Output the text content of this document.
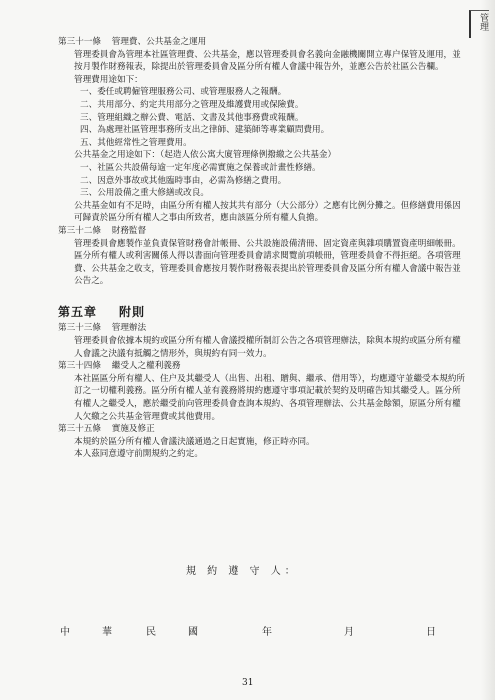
管理

第三十一條 管理費、公共基金之運用

管理委員會為管理本社區管理費、公共基金，應以管理委員會名義向金融機關開立專户保管及運用，並按月製作財務報表，除提出於管理委員會及區分所有權人會議中報告外，並應公告於社區公告欄。

管理費用途如下：

一、委任或聘僱管理服務公司、或管理服務人之報酬。

二、共用部分、約定共用部分之管理及維護費用或保險費。

三、管理組織之辦公費、電話、文書及其他事務費或報酬。

四、為處理社區管理事務所支出之律師、建築師等專業顧問費用。

五、其他經常性之管理費用。

公共基金之用途如下：（起造人依公寓大廈管理條例撥繳之公共基金）

一、社區公共設備每逾一定年度必需實施之保養或計畫性修繕。

二、因意外事故或其他臨時事由，必需為修繕之費用。

三、公用設備之重大修繕或改良。

公共基金如有不足時，由區分所有權人按其共有部分（大公部分）之應有比例分攤之。但修繕費用係因可歸責於區分所有權人之事由所致者，應由該區分所有權人負擔。

第三十二條 財務監督

管理委員會應製作並負責保管財務會計帳冊、公共設施設備清冊、固定資產與雜項購置資產明細帳冊。

區分所有權人或利害關係人得以書面向管理委員會請求閱覽前項帳冊，管理委員會不得拒絕。各項管理費、公共基金之收支，管理委員會應按月製作財務報表提出於管理委員會及區分所有權人會議中報告並公告之。

第五章 附則

第三十三條 管理辦法

管理委員會依據本規約或區分所有權人會議授權所制訂公告之各項管理辦法，除與本規約或區分所有權人會議之決議有抵觸之情形外，與規約有同一效力。

第三十四條 繼受人之權利義務

本社區區分所有權人、住户及其繼受人（出售、出租、贈與、繼承、借用等），均應遵守並繼受本規約所訂之一切權利義務。區分所有權人並有義務將規約應遵守事項記載於契約及明確告知其繼受人。區分所有權人之繼受人，應於繼受前向管理委員會查詢本規約、各項管理辦法、公共基金餘額，原區分所有權人欠繳之公共基金管理費或其他費用。

第三十五條 實施及修正

本規約於區分所有權人會議決議通過之日起實施，修正時亦同。

本人茲同意遵守前開規約之約定。

規 約 遵 守 人：
中	華	民	國	年	月	日
31
